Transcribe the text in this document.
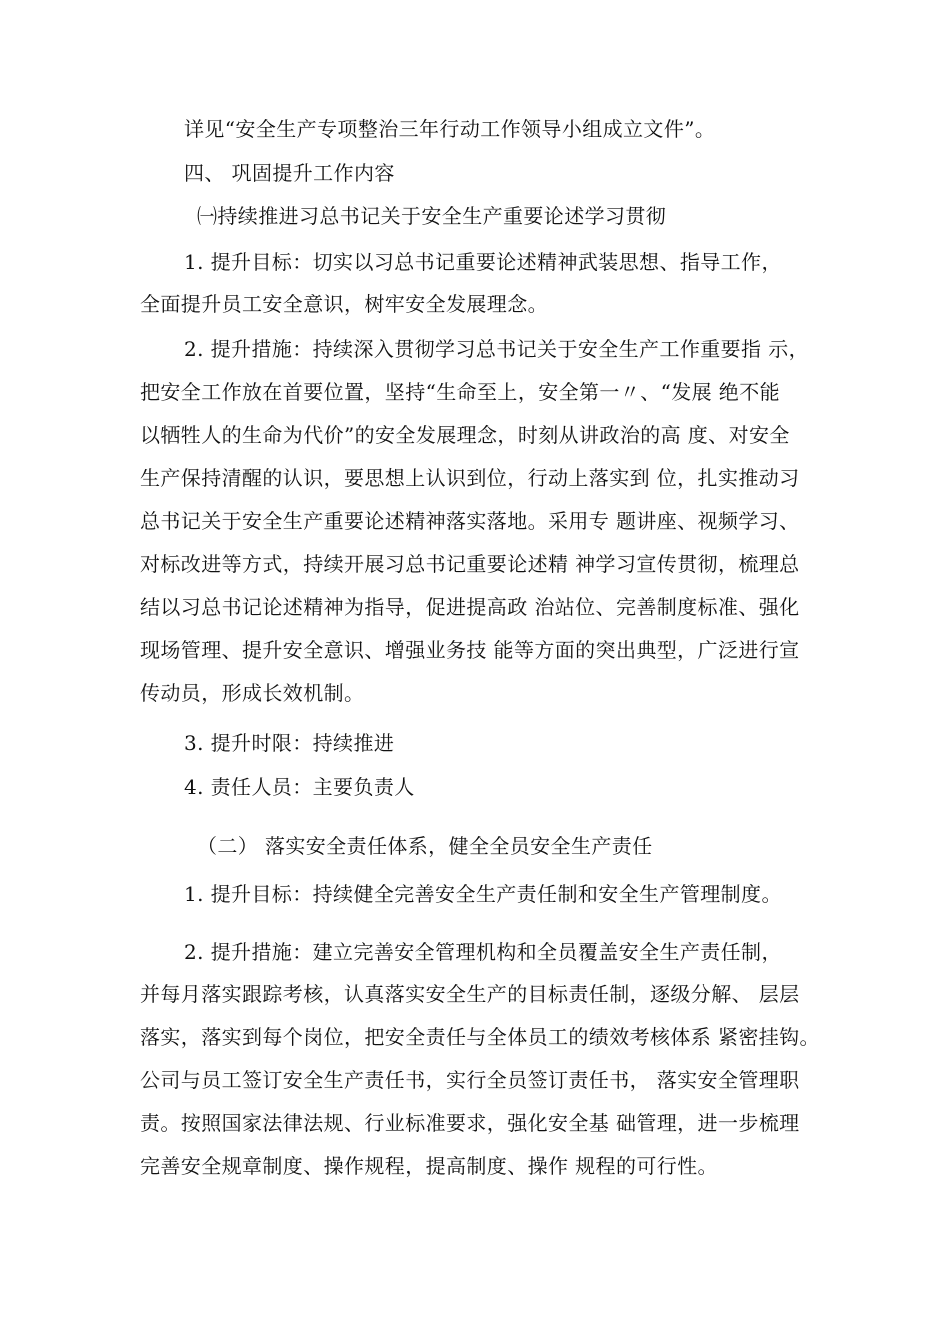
详见“安全生产专项整治三年行动工作领导小组成立文件”。
四、 巩固提升工作内容
㈠持续推进习总书记关于安全生产重要论述学习贯彻
1. 提升目标：切实以习总书记重要论述精神武装思想、指导工作，
全面提升员工安全意识，树牢安全发展理念。
2. 提升措施：持续深入贯彻学习总书记关于安全生产工作重要指 示，
把安全工作放在首要位置，坚持“生命至上，安全第一〃、“发展 绝不能
以牺牲人的生命为代价”的安全发展理念，时刻从讲政治的高 度、对安全
生产保持清醒的认识，要思想上认识到位，行动上落实到 位，扎实推动习
总书记关于安全生产重要论述精神落实落地。采用专 题讲座、视频学习、
对标改进等方式，持续开展习总书记重要论述精 神学习宣传贯彻，梳理总
结以习总书记论述精神为指导，促进提高政 治站位、完善制度标准、强化
现场管理、提升安全意识、增强业务技 能等方面的突出典型，广泛进行宣
传动员，形成长效机制。
3. 提升时限：持续推进
4. 责任人员：主要负责人
（二） 落实安全责任体系，健全全员安全生产责任
1. 提升目标：持续健全完善安全生产责任制和安全生产管理制度。
2. 提升措施：建立完善安全管理机构和全员覆盖安全生产责任制，
并每月落实跟踪考核，认真落实安全生产的目标责任制，逐级分解、 层层
落实，落实到每个岗位，把安全责任与全体员工的绩效考核体系 紧密挂钩。
公司与员工签订安全生产责任书，实行全员签订责任书， 落实安全管理职
责。按照国家法律法规、行业标准要求，强化安全基 础管理，进一步梳理
完善安全规章制度、操作规程，提高制度、操作 规程的可行性。
